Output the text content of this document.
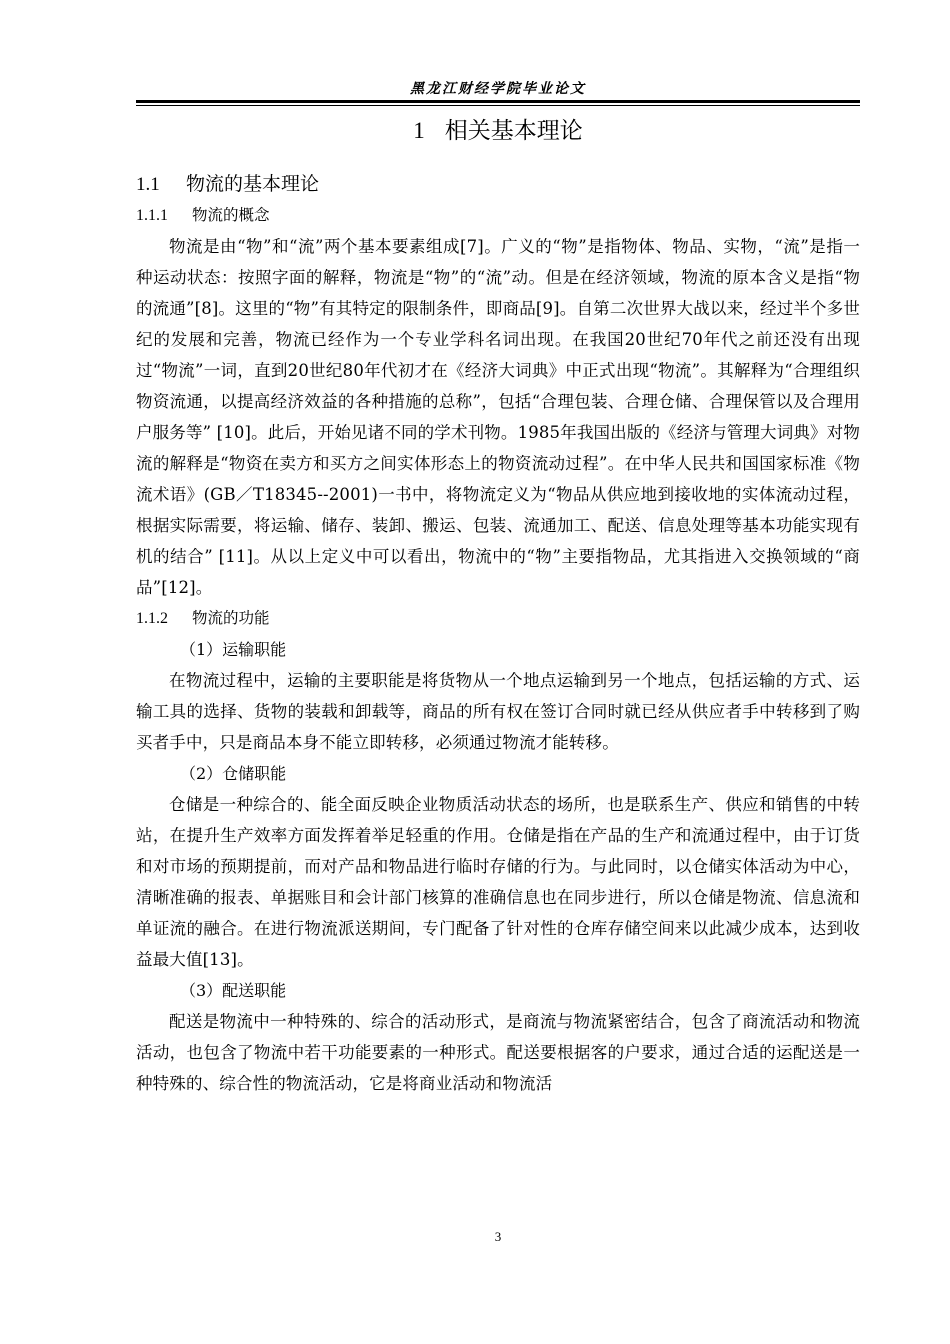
黑龙江财经学院毕业论文
1 相关基本理论
1.1 物流的基本理论
1.1.1 物流的概念

物流是由“物”和“流”两个基本要素组成[7]。广义的“物”是指物体、物品、实物，“流”是指一种运动状态：按照字面的解释，物流是“物”的“流”动。但是在经济领域，物流的原本含义是指“物的流通”[8]。这里的“物”有其特定的限制条件，即商品[9]。自第二次世界大战以来，经过半个多世纪的发展和完善，物流已经作为一个专业学科名词出现。在我国20世纪70年代之前还没有出现过“物流”一词，直到20世纪80年代初才在《经济大词典》中正式出现“物流”。其解释为“合理组织物资流通，以提高经济效益的各种措施的总称”，包括“合理包装、合理仓储、合理保管以及合理用户服务等” [10]。此后，开始见诸不同的学术刊物。1985年我国出版的《经济与管理大词典》对物流的解释是“物资在卖方和买方之间实体形态上的物资流动过程”。在中华人民共和国国家标准《物流术语》(GB／T18345--2001)一书中，将物流定义为“物品从供应地到接收地的实体流动过程，根据实际需要，将运输、储存、装卸、搬运、包装、流通加工、配送、信息处理等基本功能实现有机的结合” [11]。从以上定义中可以看出，物流中的“物”主要指物品，尤其指进入交换领域的“商品”[12]。

1.1.2 物流的功能
（1）运输职能

在物流过程中，运输的主要职能是将货物从一个地点运输到另一个地点，包括运输的方式、运输工具的选择、货物的装载和卸载等，商品的所有权在签订合同时就已经从供应者手中转移到了购买者手中，只是商品本身不能立即转移，必须通过物流才能转移。

（2）仓储职能

仓储是一种综合的、能全面反映企业物质活动状态的场所，也是联系生产、供应和销售的中转站，在提升生产效率方面发挥着举足轻重的作用。仓储是指在产品的生产和流通过程中，由于订货和对市场的预期提前，而对产品和物品进行临时存储的行为。与此同时，以仓储实体活动为中心，清晰准确的报表、单据账目和会计部门核算的准确信息也在同步进行，所以仓储是物流、信息流和单证流的融合。在进行物流派送期间，专门配备了针对性的仓库存储空间来以此减少成本，达到收益最大值[13]。

（3）配送职能

配送是物流中一种特殊的、综合的活动形式，是商流与物流紧密结合，包含了商流活动和物流活动，也包含了物流中若干功能要素的一种形式。配送要根据客的户要求，通过合适的运配送是一种特殊的、综合性的物流活动，它是将商业活动和物流活

3
